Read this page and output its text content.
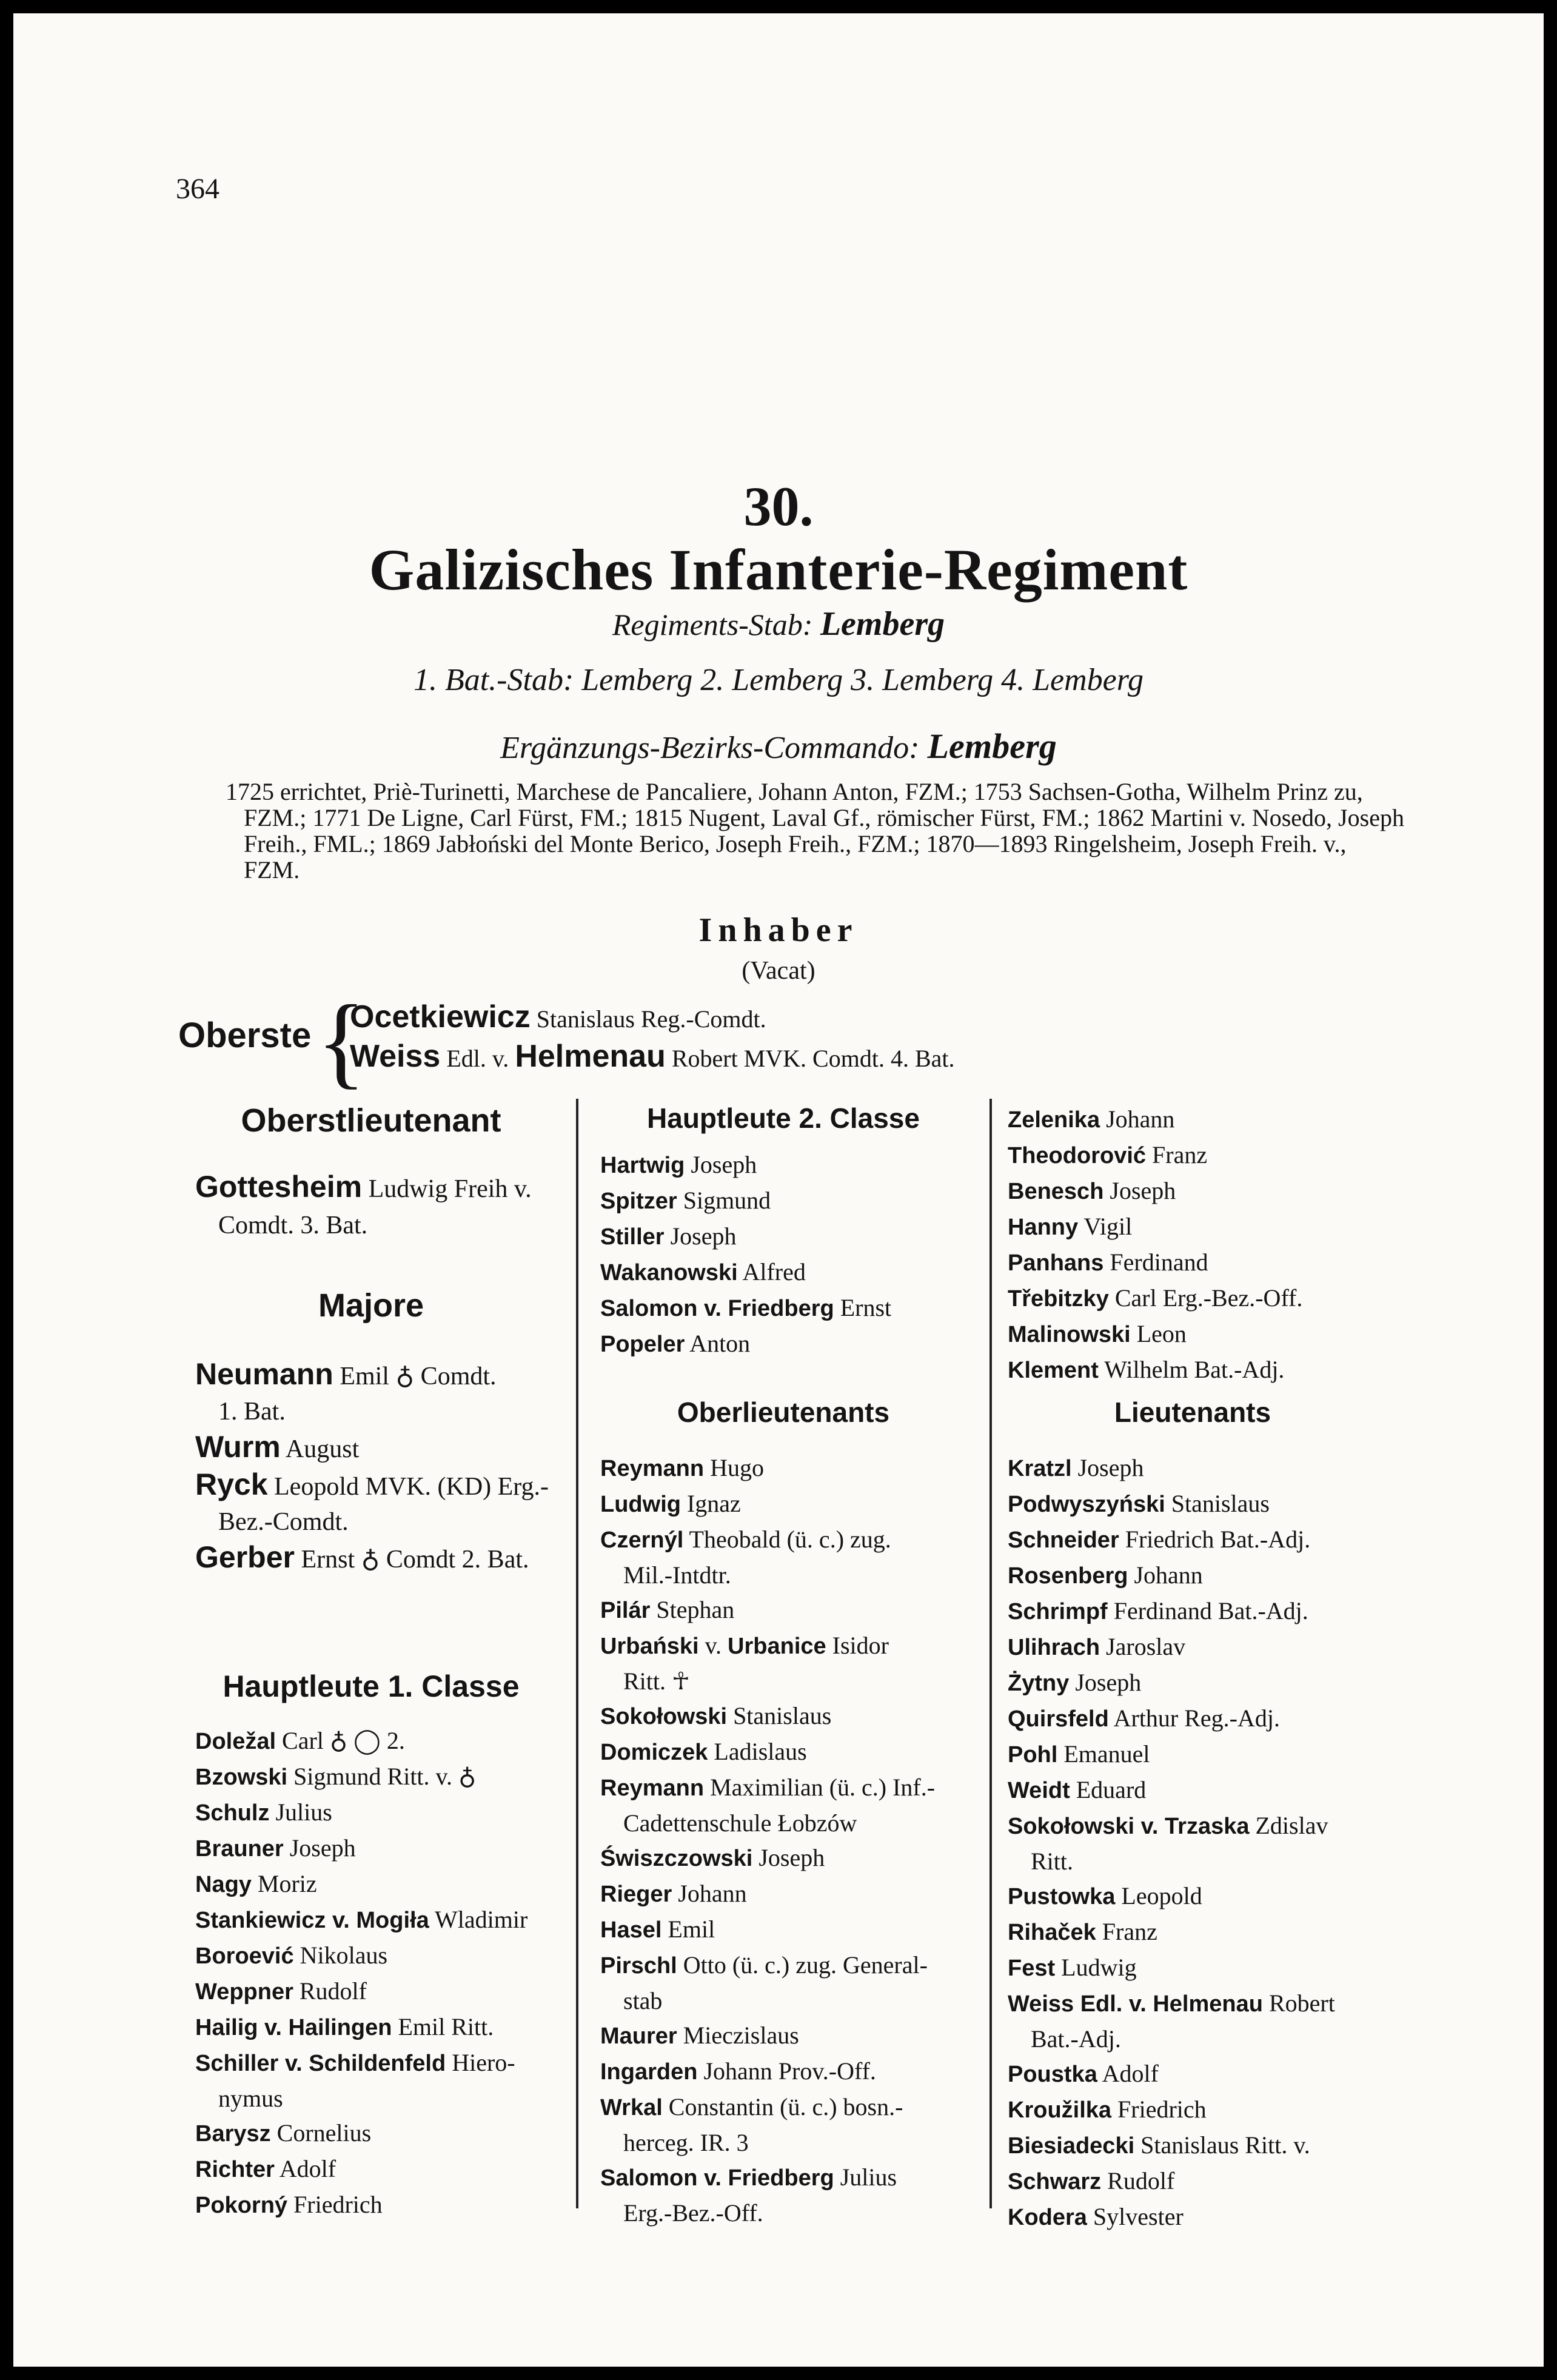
364
30.
Galizisches Infanterie-Regiment
Regiments-Stab: Lemberg
1. Bat.-Stab: Lemberg 2. Lemberg 3. Lemberg 4. Lemberg
Ergänzungs-Bezirks-Commando: Lemberg
1725 errichtet, Priè-Turinetti, Marchese de Pancaliere, Johann Anton, FZM.; 1753 Sachsen-Gotha, Wilhelm Prinz zu, FZM.; 1771 De Ligne, Carl Fürst, FM.; 1815 Nugent, Laval Gf., römischer Fürst, FM.; 1862 Martini v. Nosedo, Joseph Freih., FML.; 1869 Jabłoński del Monte Berico, Joseph Freih., FZM.; 1870—1893 Ringelsheim, Joseph Freih. v., FZM.
Inhaber
(Vacat)
Oberste {
Ocetkiewicz Stanislaus Reg.-Comdt.
Weiss Edl. v. Helmenau Robert MVK. Comdt. 4. Bat.
Oberstlieutenant
Gottesheim Ludwig Freih v.
Comdt. 3. Bat.
Majore
Neumann Emil ♁ Comdt.
1. Bat.
Wurm August
Ryck Leopold MVK. (KD) Erg.-
Bez.-Comdt.
Gerber Ernst ♁ Comdt 2. Bat.
Hauptleute 1. Classe
Doležal Carl ♁ ◯ 2.
Bzowski Sigmund Ritt. v. ♁
Schulz Julius
Brauner Joseph
Nagy Moriz
Stankiewicz v. Mogiła Wladimir
Boroević Nikolaus
Weppner Rudolf
Hailig v. Hailingen Emil Ritt.
Schiller v. Schildenfeld Hiero-
nymus
Barysz Cornelius
Richter Adolf
Pokorný Friedrich
Hauptleute 2. Classe
Hartwig Joseph
Spitzer Sigmund
Stiller Joseph
Wakanowski Alfred
Salomon v. Friedberg Ernst
Popeler Anton
Oberlieutenants
Reymann Hugo
Ludwig Ignaz
Czernýl Theobald (ü. c.) zug.
Mil.-Intdtr.
Pilár Stephan
Urbański v. Urbanice Isidor
Ritt. ☥
Sokołowski Stanislaus
Domiczek Ladislaus
Reymann Maximilian (ü. c.) Inf.-
Cadettenschule Łobzów
Świszczowski Joseph
Rieger Johann
Hasel Emil
Pirschl Otto (ü. c.) zug. General-
stab
Maurer Mieczislaus
Ingarden Johann Prov.-Off.
Wrkal Constantin (ü. c.) bosn.-
herceg. IR. 3
Salomon v. Friedberg Julius
Erg.-Bez.-Off.
Zelenika Johann
Theodorović Franz
Benesch Joseph
Hanny Vigil
Panhans Ferdinand
Třebitzky Carl Erg.-Bez.-Off.
Malinowski Leon
Klement Wilhelm Bat.-Adj.
Lieutenants
Kratzl Joseph
Podwyszyński Stanislaus
Schneider Friedrich Bat.-Adj.
Rosenberg Johann
Schrimpf Ferdinand Bat.-Adj.
Ulihrach Jaroslav
Żytny Joseph
Quirsfeld Arthur Reg.-Adj.
Pohl Emanuel
Weidt Eduard
Sokołowski v. Trzaska Zdislav
Ritt.
Pustowka Leopold
Rihaček Franz
Fest Ludwig
Weiss Edl. v. Helmenau Robert
Bat.-Adj.
Poustka Adolf
Kroužilka Friedrich
Biesiadecki Stanislaus Ritt. v.
Schwarz Rudolf
Kodera Sylvester
